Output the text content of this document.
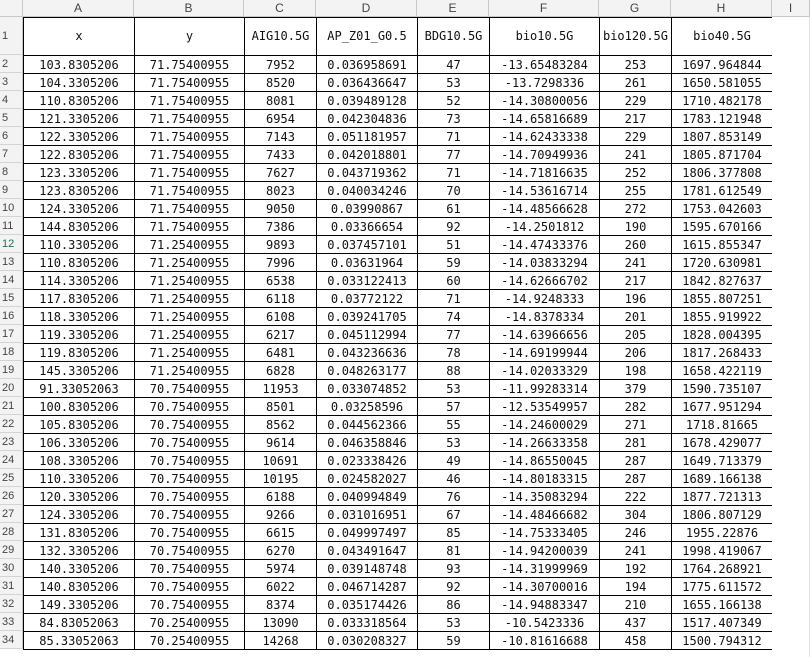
A	B	C	D	E	F	G	H	I
1
2
3
4
5
6
7
8
9
10
11
12
13
14
15
16
17
18
19
20
21
22
23
24
25
26
27
28
29
30
31
32
33
34
x	y	AIG10.5G	AP_Z01_G0.5	BDG10.5G	bio10.5G	bio120.5G	bio40.5G
103.8305206	71.75400955	7952	0.036958691	47	-13.65483284	253	1697.964844
104.3305206	71.75400955	8520	0.036436647	53	-13.7298336	261	1650.581055
110.8305206	71.75400955	8081	0.039489128	52	-14.30800056	229	1710.482178
121.3305206	71.75400955	6954	0.042304836	73	-14.65816689	217	1783.121948
122.3305206	71.75400955	7143	0.051181957	71	-14.62433338	229	1807.853149
122.8305206	71.75400955	7433	0.042018801	77	-14.70949936	241	1805.871704
123.3305206	71.75400955	7627	0.043719362	71	-14.71816635	252	1806.377808
123.8305206	71.75400955	8023	0.040034246	70	-14.53616714	255	1781.612549
124.3305206	71.75400955	9050	0.03990867	61	-14.48566628	272	1753.042603
144.8305206	71.75400955	7386	0.03366654	92	-14.2501812	190	1595.670166
110.3305206	71.25400955	9893	0.037457101	51	-14.47433376	260	1615.855347
110.8305206	71.25400955	7996	0.03631964	59	-14.03833294	241	1720.630981
114.3305206	71.25400955	6538	0.033122413	60	-14.62666702	217	1842.827637
117.8305206	71.25400955	6118	0.03772122	71	-14.9248333	196	1855.807251
118.3305206	71.25400955	6108	0.039241705	74	-14.8378334	201	1855.919922
119.3305206	71.25400955	6217	0.045112994	77	-14.63966656	205	1828.004395
119.8305206	71.25400955	6481	0.043236636	78	-14.69199944	206	1817.268433
145.3305206	71.25400955	6828	0.048263177	88	-14.02033329	198	1658.422119
91.33052063	70.75400955	11953	0.033074852	53	-11.99283314	379	1590.735107
100.8305206	70.75400955	8501	0.03258596	57	-12.53549957	282	1677.951294
105.8305206	70.75400955	8562	0.044562366	55	-14.24600029	271	1718.81665
106.3305206	70.75400955	9614	0.046358846	53	-14.26633358	281	1678.429077
108.3305206	70.75400955	10691	0.023338426	49	-14.86550045	287	1649.713379
110.3305206	70.75400955	10195	0.024582027	46	-14.80183315	287	1689.166138
120.3305206	70.75400955	6188	0.040994849	76	-14.35083294	222	1877.721313
124.3305206	70.75400955	9266	0.031016951	67	-14.48466682	304	1806.807129
131.8305206	70.75400955	6615	0.049997497	85	-14.75333405	246	1955.22876
132.3305206	70.75400955	6270	0.043491647	81	-14.94200039	241	1998.419067
140.3305206	70.75400955	5974	0.039148748	93	-14.31999969	192	1764.268921
140.8305206	70.75400955	6022	0.046714287	92	-14.30700016	194	1775.611572
149.3305206	70.75400955	8374	0.035174426	86	-14.94883347	210	1655.166138
84.83052063	70.25400955	13090	0.033318564	53	-10.5423336	437	1517.407349
85.33052063	70.25400955	14268	0.030208327	59	-10.81616688	458	1500.794312
